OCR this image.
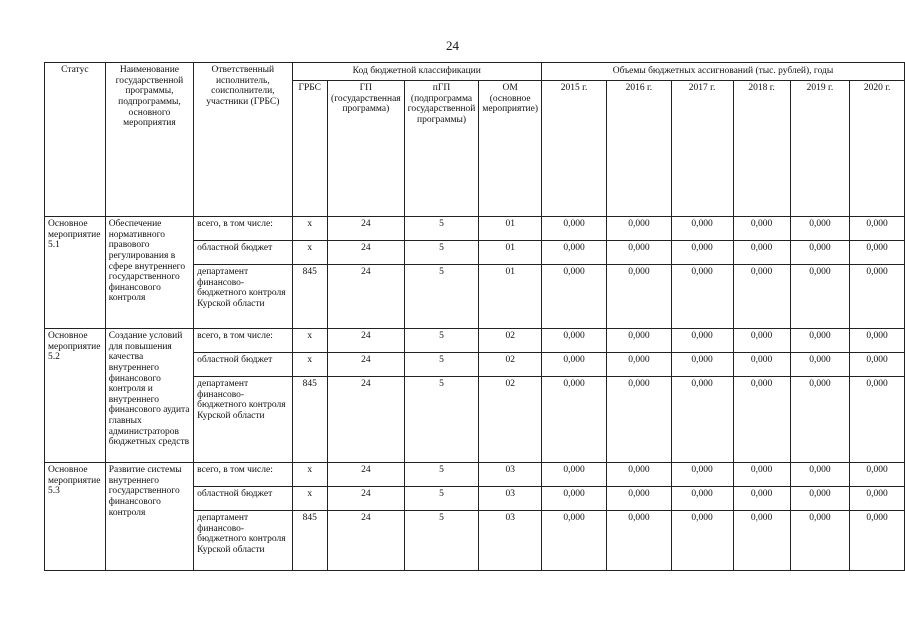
24
Статус	Наименование государственной программы, подпрограммы, основного мероприятия	Ответственный исполнитель, соисполнители, участники (ГРБС)	Код бюджетной классификации				Объемы бюджетных ассигнований (тыс. рублей), годы					
			ГРБС	ГП (государственная программа)	пГП (подпрограмма государственной программы)	ОМ (основное мероприятие)	2015 г.	2016 г.	2017 г.	2018 г.	2019 г.	2020 г.
Основное мероприятие 5.1	Обеспечение нормативного правового регулирования в сфере внутреннего государственного финансового контроля	всего, в том числе:	х	24	5	01	0,000	0,000	0,000	0,000	0,000	0,000
		областной бюджет	х	24	5	01	0,000	0,000	0,000	0,000	0,000	0,000
		департамент финансово-бюджетного контроля Курской области	845	24	5	01	0,000	0,000	0,000	0,000	0,000	0,000
Основное мероприятие 5.2	Создание условий для повышения качества внутреннего финансового контроля и внутреннего финансового аудита главных администраторов бюджетных средств	всего, в том числе:	х	24	5	02	0,000	0,000	0,000	0,000	0,000	0,000
		областной бюджет	х	24	5	02	0,000	0,000	0,000	0,000	0,000	0,000
		департамент финансово-бюджетного контроля Курской области	845	24	5	02	0,000	0,000	0,000	0,000	0,000	0,000
Основное мероприятие 5.3	Развитие системы внутреннего государственного финансового контроля	всего, в том числе:	х	24	5	03	0,000	0,000	0,000	0,000	0,000	0,000
		областной бюджет	х	24	5	03	0,000	0,000	0,000	0,000	0,000	0,000
		департамент финансово-бюджетного контроля Курской области	845	24	5	03	0,000	0,000	0,000	0,000	0,000	0,000
